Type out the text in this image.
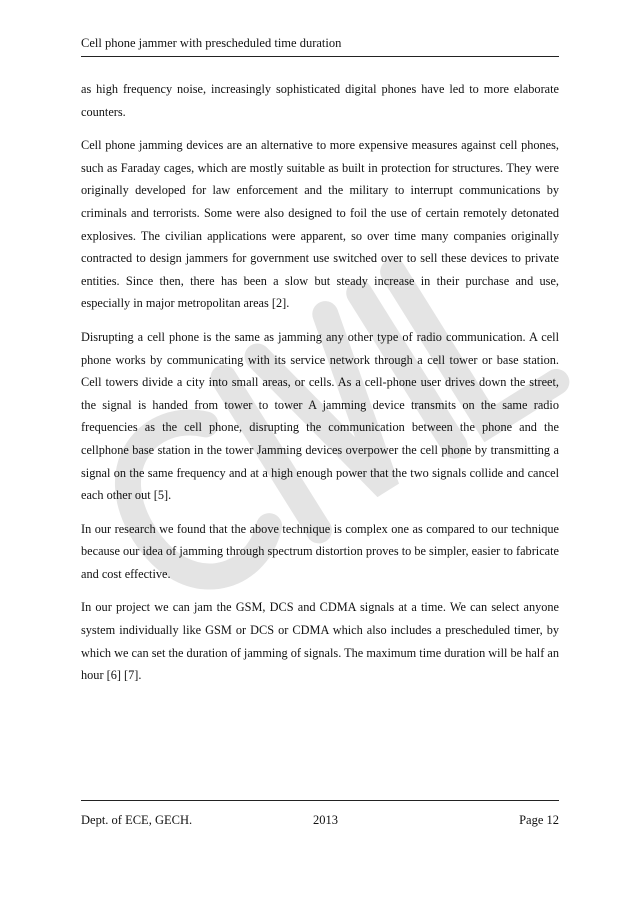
Cell phone jammer with prescheduled time duration

as high frequency noise, increasingly sophisticated digital phones have led to more elaborate counters.

Cell phone jamming devices are an alternative to more expensive measures against cell phones, such as Faraday cages, which are mostly suitable as built in protection for structures. They were originally developed for law enforcement and the military to interrupt communications by criminals and terrorists. Some were also designed to foil the use of certain remotely detonated explosives. The civilian applications were apparent, so over time many companies originally contracted to design jammers for government use switched over to sell these devices to private entities. Since then, there has been a slow but steady increase in their purchase and use, especially in major metropolitan areas [2].

Disrupting a cell phone is the same as jamming any other type of radio communication. A cell phone works by communicating with its service network through a cell tower or base station. Cell towers divide a city into small areas, or cells. As a cell-phone user drives down the street, the signal is handed from tower to tower A jamming device transmits on the same radio frequencies as the cell phone, disrupting the communication between the phone and the cellphone base station in the tower Jamming devices overpower the cell phone by transmitting a signal on the same frequency and at a high enough power that the two signals collide and cancel each other out [5].

In our research we found that the above technique is complex one as compared to our technique because our idea of jamming through spectrum distortion proves to be simpler, easier to fabricate and cost effective.

In our project we can jam the GSM, DCS and CDMA signals at a time. We can select anyone system individually like GSM or DCS or CDMA which also includes a prescheduled timer, by which we can set the duration of jamming of signals. The maximum time duration will be half an hour [6] [7].

Dept. of ECE, GECH.	2013	Page 12
